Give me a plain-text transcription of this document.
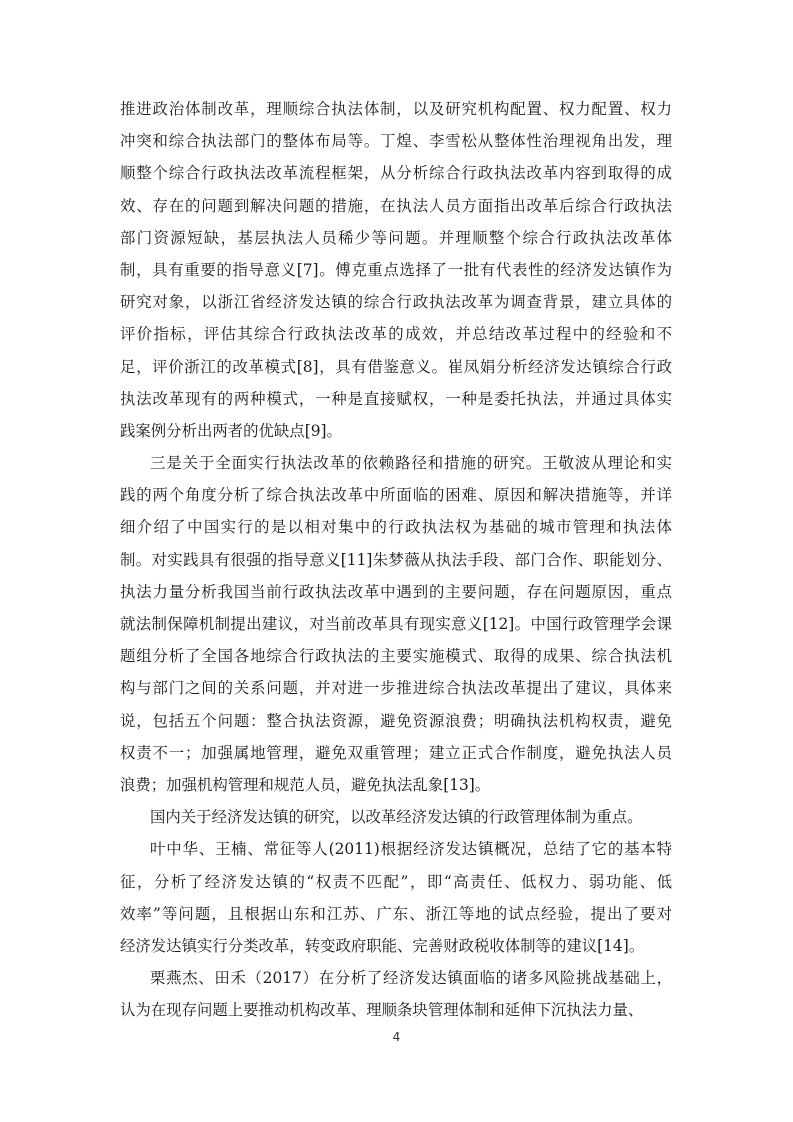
推进政治体制改革，理顺综合执法体制，以及研究机构配置、权力配置、权力
冲突和综合执法部门的整体布局等。丁煌、李雪松从整体性治理视角出发，理
顺整个综合行政执法改革流程框架，从分析综合行政执法改革内容到取得的成
效、存在的问题到解决问题的措施，在执法人员方面指出改革后综合行政执法
部门资源短缺，基层执法人员稀少等问题。并理顺整个综合行政执法改革体
制，具有重要的指导意义[7]。傅克重点选择了一批有代表性的经济发达镇作为
研究对象，以浙江省经济发达镇的综合行政执法改革为调查背景，建立具体的
评价指标，评估其综合行政执法改革的成效，并总结改革过程中的经验和不
足，评价浙江的改革模式[8]，具有借鉴意义。崔凤娟分析经济发达镇综合行政
执法改革现有的两种模式，一种是直接赋权，一种是委托执法，并通过具体实
践案例分析出两者的优缺点[9]。
三是关于全面实行执法改革的依赖路径和措施的研究。王敬波从理论和实
践的两个角度分析了综合执法改革中所面临的困难、原因和解决措施等，并详
细介绍了中国实行的是以相对集中的行政执法权为基础的城市管理和执法体
制。对实践具有很强的指导意义[11]朱梦薇从执法手段、部门合作、职能划分、
执法力量分析我国当前行政执法改革中遇到的主要问题，存在问题原因，重点
就法制保障机制提出建议，对当前改革具有现实意义[12]。中国行政管理学会课
题组分析了全国各地综合行政执法的主要实施模式、取得的成果、综合执法机
构与部门之间的关系问题，并对进一步推进综合执法改革提出了建议，具体来
说，包括五个问题：整合执法资源，避免资源浪费；明确执法机构权责，避免
权责不一；加强属地管理，避免双重管理；建立正式合作制度，避免执法人员
浪费；加强机构管理和规范人员，避免执法乱象[13]。
国内关于经济发达镇的研究，以改革经济发达镇的行政管理体制为重点。
叶中华、王楠、常征等人(2011)根据经济发达镇概况，总结了它的基本特
征，分析了经济发达镇的“权责不匹配”，即“高责任、低权力、弱功能、低
效率”等问题，且根据山东和江苏、广东、浙江等地的试点经验，提出了要对
经济发达镇实行分类改革，转变政府职能、完善财政税收体制等的建议[14]。
栗燕杰、田禾（2017）在分析了经济发达镇面临的诸多风险挑战基础上，
认为在现存问题上要推动机构改革、理顺条块管理体制和延伸下沉执法力量、
4
